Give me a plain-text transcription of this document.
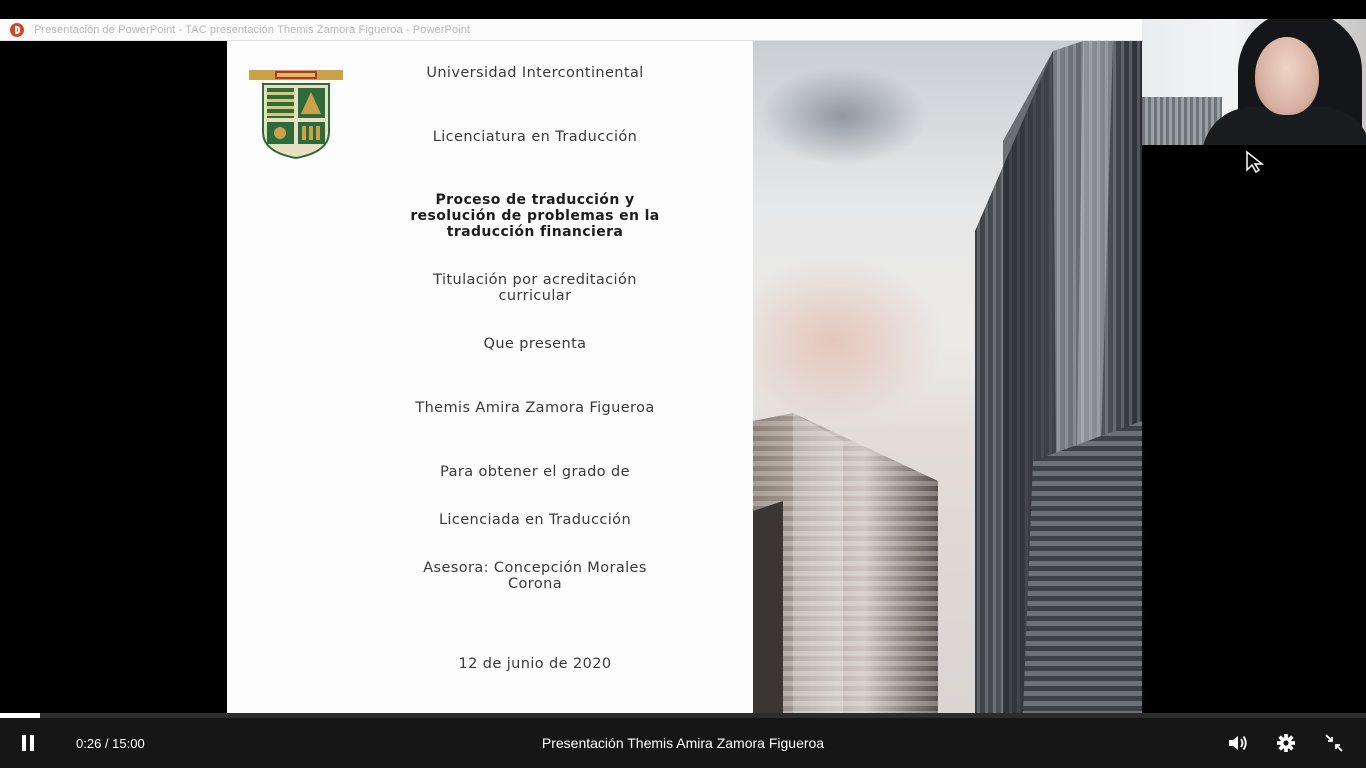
Presentación de PowerPoint - TAC presentación Themis Zamora Figueroa - PowerPoint
Universidad Intercontinental
Licenciatura en Traducción
Proceso de traducción y
resolución de problemas en la
traducción financiera
Titulación por acreditación
curricular
Que presenta
Themis Amira Zamora Figueroa
Para obtener el grado de
Licenciada en Traducción
Asesora: Concepción Morales
Corona
12 de junio de 2020
0:26 / 15:00	Presentación Themis Amira Zamora Figueroa
